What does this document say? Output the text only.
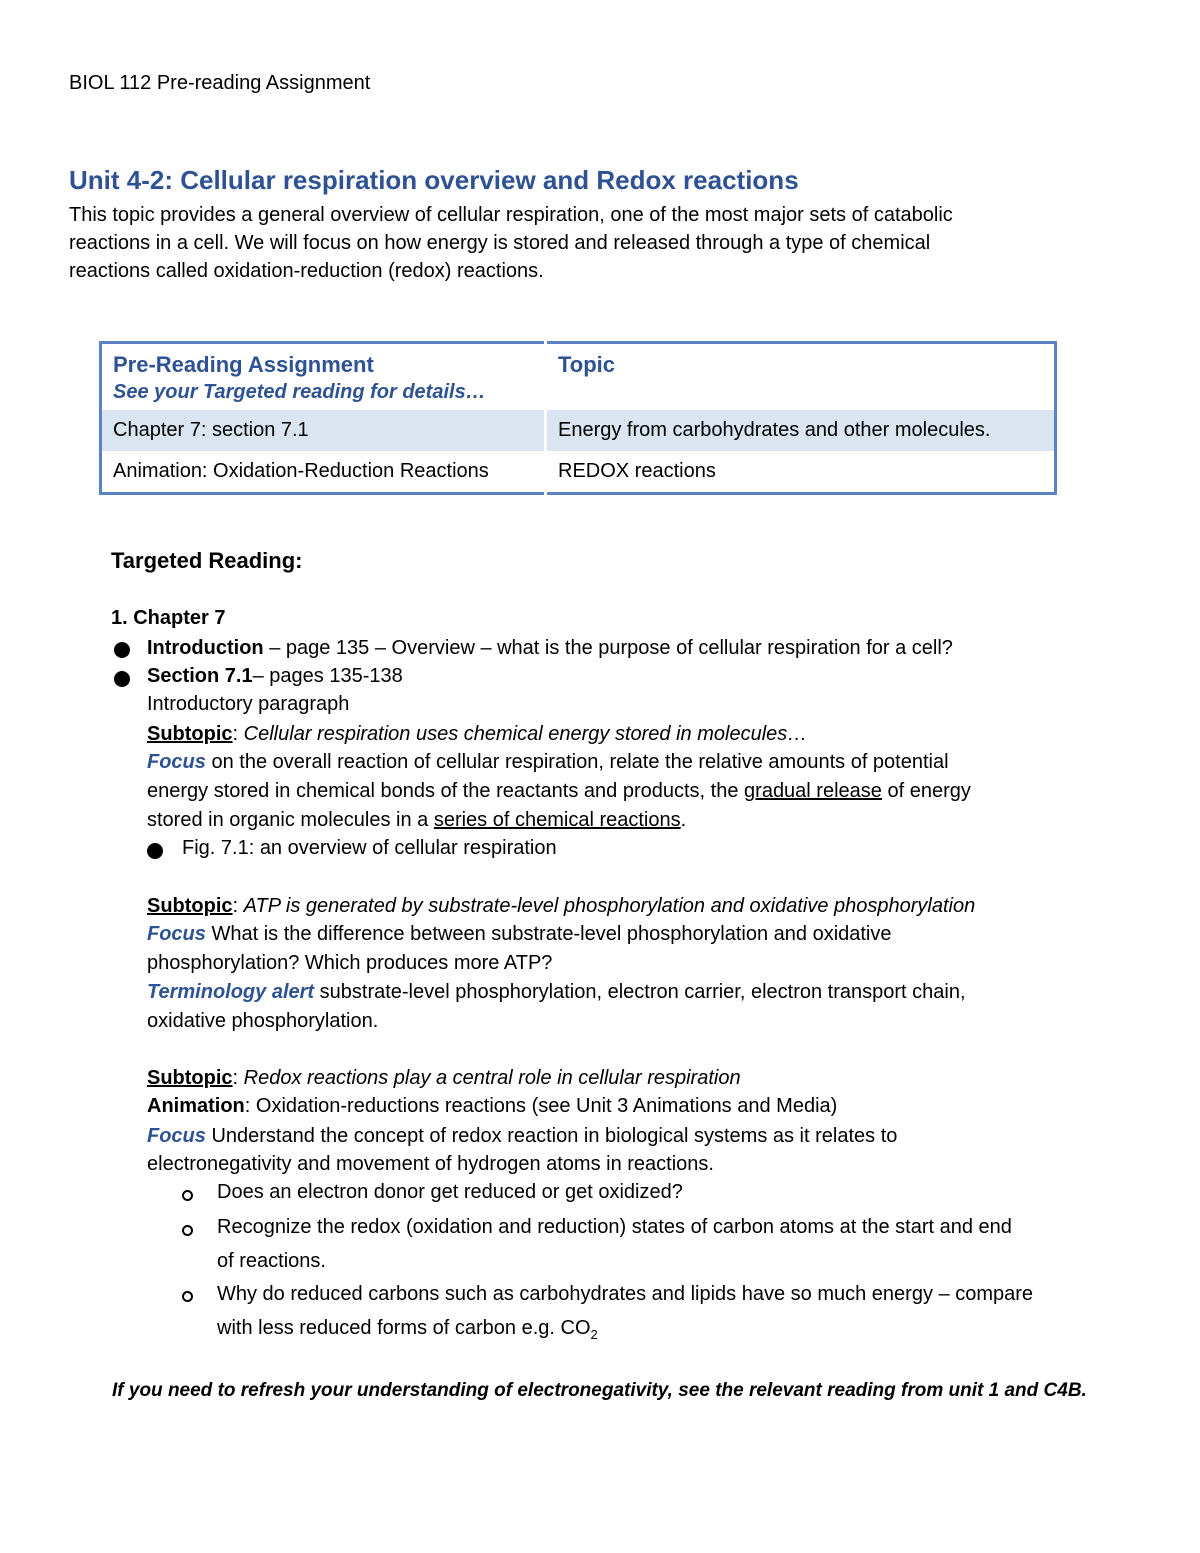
BIOL 112 Pre-reading Assignment
Unit 4-2: Cellular respiration overview and Redox reactions
This topic provides a general overview of cellular respiration, one of the most major sets of catabolic
reactions in a cell. We will focus on how energy is stored and released through a type of chemical
reactions called oxidation-reduction (redox) reactions.
Pre-Reading Assignment
See your Targeted reading for details…	Topic

Chapter 7: section 7.1	Energy from carbohydrates and other molecules.
Animation: Oxidation-Reduction Reactions	REDOX reactions
Targeted Reading:
1. Chapter 7
Introduction – page 135 – Overview – what is the purpose of cellular respiration for a cell?
Section 7.1– pages 135-138
Introductory paragraph
Subtopic: Cellular respiration uses chemical energy stored in molecules…
Focus on the overall reaction of cellular respiration, relate the relative amounts of potential
energy stored in chemical bonds of the reactants and products, the gradual release of energy
stored in organic molecules in a series of chemical reactions.
Fig. 7.1: an overview of cellular respiration
Subtopic: ATP is generated by substrate-level phosphorylation and oxidative phosphorylation
Focus What is the difference between substrate-level phosphorylation and oxidative
phosphorylation? Which produces more ATP?
Terminology alert substrate-level phosphorylation, electron carrier, electron transport chain,
oxidative phosphorylation.
Subtopic: Redox reactions play a central role in cellular respiration
Animation: Oxidation-reductions reactions (see Unit 3 Animations and Media)
Focus Understand the concept of redox reaction in biological systems as it relates to
electronegativity and movement of hydrogen atoms in reactions.
Does an electron donor get reduced or get oxidized?
Recognize the redox (oxidation and reduction) states of carbon atoms at the start and end
of reactions.
Why do reduced carbons such as carbohydrates and lipids have so much energy – compare
with less reduced forms of carbon e.g. $CO_2$
If you need to refresh your understanding of electronegativity, see the relevant reading from unit 1 and C4B.
